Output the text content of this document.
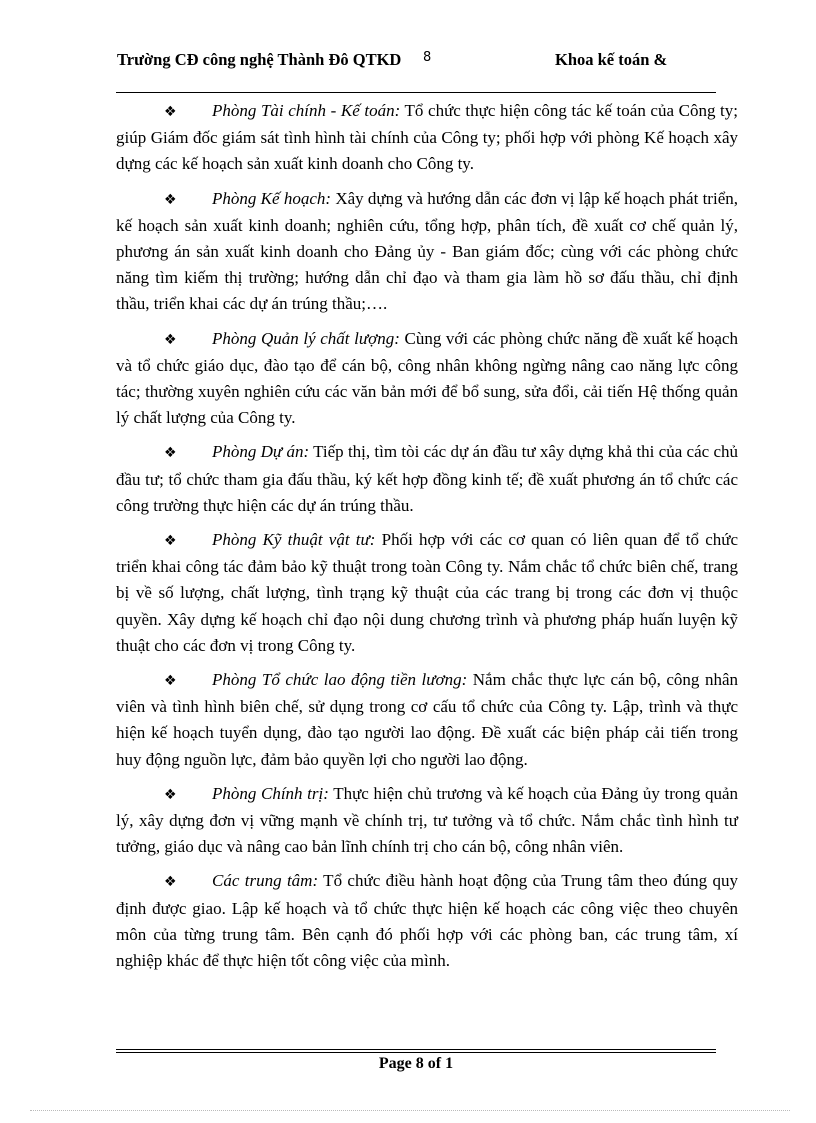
Trường CĐ công nghệ Thành Đô QTKD	8	Khoa kế toán &

❖ Phòng Tài chính - Kế toán: Tổ chức thực hiện công tác kế toán của Công ty; giúp Giám đốc giám sát tình hình tài chính của Công ty; phối hợp với phòng Kế hoạch xây dựng các kế hoạch sản xuất kinh doanh cho Công ty.

❖ Phòng Kế hoạch: Xây dựng và hướng dẫn các đơn vị lập kế hoạch phát triển, kế hoạch sản xuất kinh doanh; nghiên cứu, tổng hợp, phân tích, đề xuất cơ chế quản lý, phương án sản xuất kinh doanh cho Đảng ủy - Ban giám đốc; cùng với các phòng chức năng tìm kiếm thị trường; hướng dẫn chỉ đạo và tham gia làm hồ sơ đấu thầu, chỉ định thầu, triển khai các dự án trúng thầu;….

❖ Phòng Quản lý chất lượng: Cùng với các phòng chức năng đề xuất kế hoạch và tổ chức giáo dục, đào tạo để cán bộ, công nhân không ngừng nâng cao năng lực công tác; thường xuyên nghiên cứu các văn bản mới để bổ sung, sửa đổi, cải tiến Hệ thống quản lý chất lượng của Công ty.

❖ Phòng Dự án: Tiếp thị, tìm tòi các dự án đầu tư xây dựng khả thi của các chủ đầu tư; tổ chức tham gia đấu thầu, ký kết hợp đồng kinh tế; đề xuất phương án tổ chức các công trường thực hiện các dự án trúng thầu.

❖ Phòng Kỹ thuật vật tư: Phối hợp với các cơ quan có liên quan để tổ chức triển khai công tác đảm bảo kỹ thuật trong toàn Công ty. Nắm chắc tổ chức biên chế, trang bị về số lượng, chất lượng, tình trạng kỹ thuật của các trang bị trong các đơn vị thuộc quyền. Xây dựng kế hoạch chỉ đạo nội dung chương trình và phương pháp huấn luyện kỹ thuật cho các đơn vị trong Công ty.

❖ Phòng Tổ chức lao động tiền lương: Nắm chắc thực lực cán bộ, công nhân viên và tình hình biên chế, sử dụng trong cơ cấu tổ chức của Công ty. Lập, trình và thực hiện kế hoạch tuyển dụng, đào tạo người lao động. Đề xuất các biện pháp cải tiến trong huy động nguồn lực, đảm bảo quyền lợi cho người lao động.

❖ Phòng Chính trị: Thực hiện chủ trương và kế hoạch của Đảng ủy trong quản lý, xây dựng đơn vị vững mạnh về chính trị, tư tưởng và tổ chức. Nắm chắc tình hình tư tưởng, giáo dục và nâng cao bản lĩnh chính trị cho cán bộ, công nhân viên.

❖ Các trung tâm: Tổ chức điều hành hoạt động của Trung tâm theo đúng quy định được giao. Lập kế hoạch và tổ chức thực hiện kế hoạch các công việc theo chuyên môn của từng trung tâm. Bên cạnh đó phối hợp với các phòng ban, các trung tâm, xí nghiệp khác để thực hiện tốt công việc của mình.

Page 8 of 1
